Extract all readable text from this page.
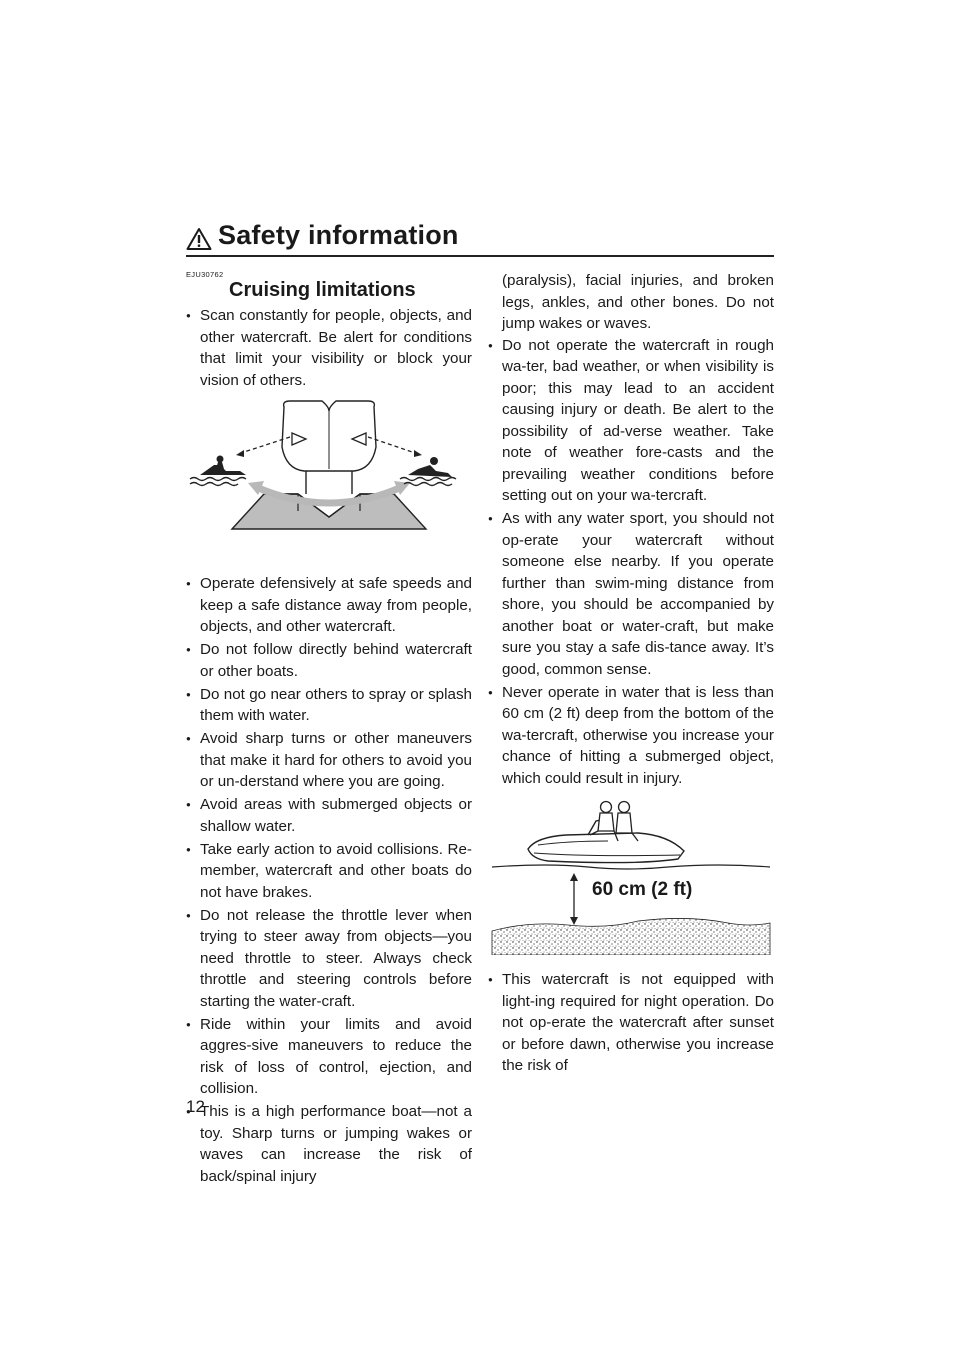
Safety information
EJU30762
Cruising limitations
● Scan constantly for people, objects, and other watercraft. Be alert for conditions that limit your visibility or block your vision of others.
● Operate defensively at safe speeds and keep a safe distance away from people, objects, and other watercraft.
● Do not follow directly behind watercraft or other boats.
● Do not go near others to spray or splash them with water.
● Avoid sharp turns or other maneuvers that make it hard for others to avoid you or un-derstand where you are going.
● Avoid areas with submerged objects or shallow water.
● Take early action to avoid collisions. Re-member, watercraft and other boats do not have brakes.
● Do not release the throttle lever when trying to steer away from objects—you need throttle to steer. Always check throttle and steering controls before starting the water-craft.
● Ride within your limits and avoid aggres-sive maneuvers to reduce the risk of loss of control, ejection, and collision.
● This is a high performance boat—not a toy. Sharp turns or jumping wakes or waves can increase the risk of back/spinal injury
(paralysis), facial injuries, and broken legs, ankles, and other bones. Do not jump wakes or waves.
● Do not operate the watercraft in rough wa-ter, bad weather, or when visibility is poor; this may lead to an accident causing injury or death. Be alert to the possibility of ad-verse weather. Take note of weather fore-casts and the prevailing weather conditions before setting out on your wa-tercraft.
● As with any water sport, you should not op-erate your watercraft without someone else nearby. If you operate further than swim-ming distance from shore, you should be accompanied by another boat or water-craft, but make sure you stay a safe dis-tance away. It’s good, common sense.
● Never operate in water that is less than 60 cm (2 ft) deep from the bottom of the wa-tercraft, otherwise you increase your chance of hitting a submerged object, which could result in injury.
60 cm (2 ft)
● This watercraft is not equipped with light-ing required for night operation. Do not op-erate the watercraft after sunset or before dawn, otherwise you increase the risk of
12
